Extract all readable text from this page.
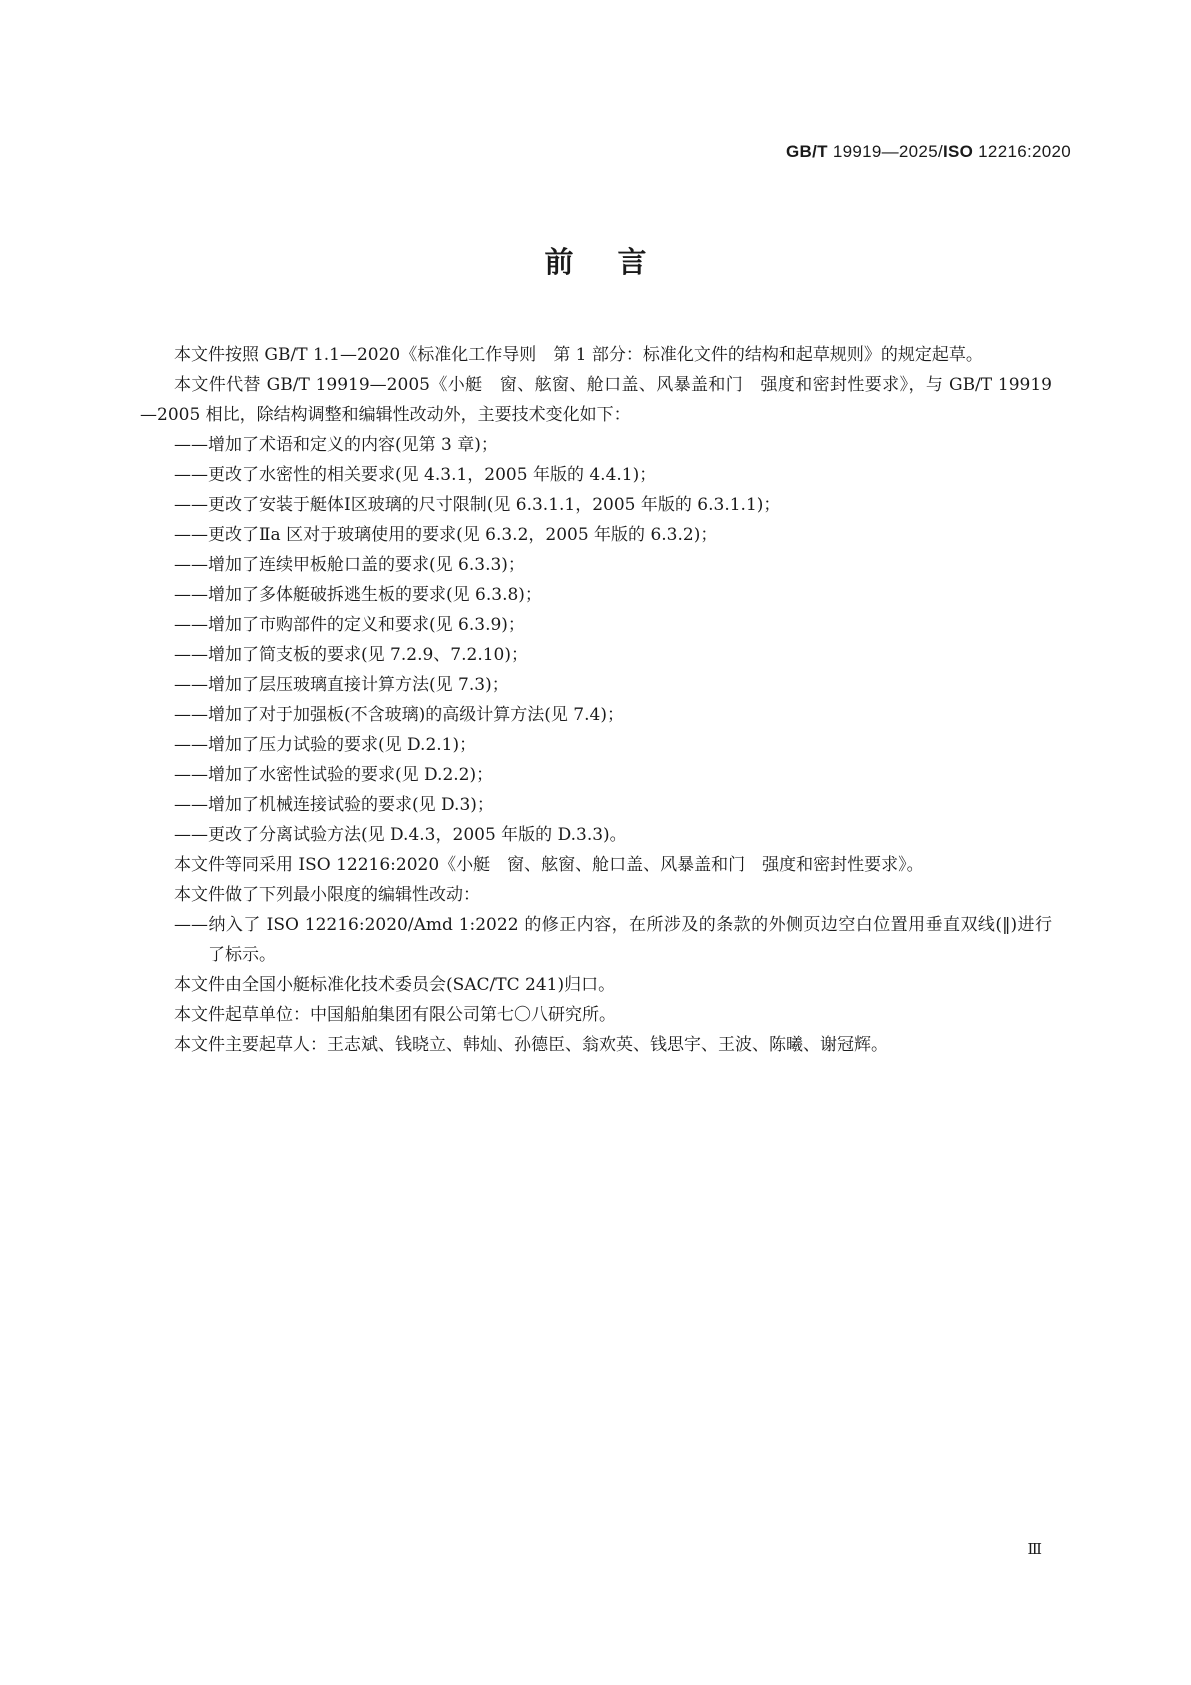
GB/T 19919—2025/ISO 12216:2020
前言

本文件按照 GB/T 1.1—2020《标准化工作导则　第 1 部分：标准化文件的结构和起草规则》的规定起草。

本文件代替 GB/T 19919—2005《小艇　窗、舷窗、舱口盖、风暴盖和门　强度和密封性要求》，与 GB/T 19919—2005 相比，除结构调整和编辑性改动外，主要技术变化如下：

——增加了术语和定义的内容(见第 3 章)；

——更改了水密性的相关要求(见 4.3.1，2005 年版的 4.4.1)；

——更改了安装于艇体Ⅰ区玻璃的尺寸限制(见 6.3.1.1，2005 年版的 6.3.1.1)；

——更改了Ⅱa 区对于玻璃使用的要求(见 6.3.2，2005 年版的 6.3.2)；

——增加了连续甲板舱口盖的要求(见 6.3.3)；

——增加了多体艇破拆逃生板的要求(见 6.3.8)；

——增加了市购部件的定义和要求(见 6.3.9)；

——增加了简支板的要求(见 7.2.9、7.2.10)；

——增加了层压玻璃直接计算方法(见 7.3)；

——增加了对于加强板(不含玻璃)的高级计算方法(见 7.4)；

——增加了压力试验的要求(见 D.2.1)；

——增加了水密性试验的要求(见 D.2.2)；

——增加了机械连接试验的要求(见 D.3)；

——更改了分离试验方法(见 D.4.3，2005 年版的 D.3.3)。

本文件等同采用 ISO 12216:2020《小艇　窗、舷窗、舱口盖、风暴盖和门　强度和密封性要求》。

本文件做了下列最小限度的编辑性改动：

——纳入了 ISO 12216:2020/Amd 1:2022 的修正内容，在所涉及的条款的外侧页边空白位置用垂直双线(‖)进行了标示。

本文件由全国小艇标准化技术委员会(SAC/TC 241)归口。

本文件起草单位：中国船舶集团有限公司第七〇八研究所。

本文件主要起草人：王志斌、钱晓立、韩灿、孙德臣、翁欢英、钱思宇、王波、陈曦、谢冠辉。

Ⅲ
